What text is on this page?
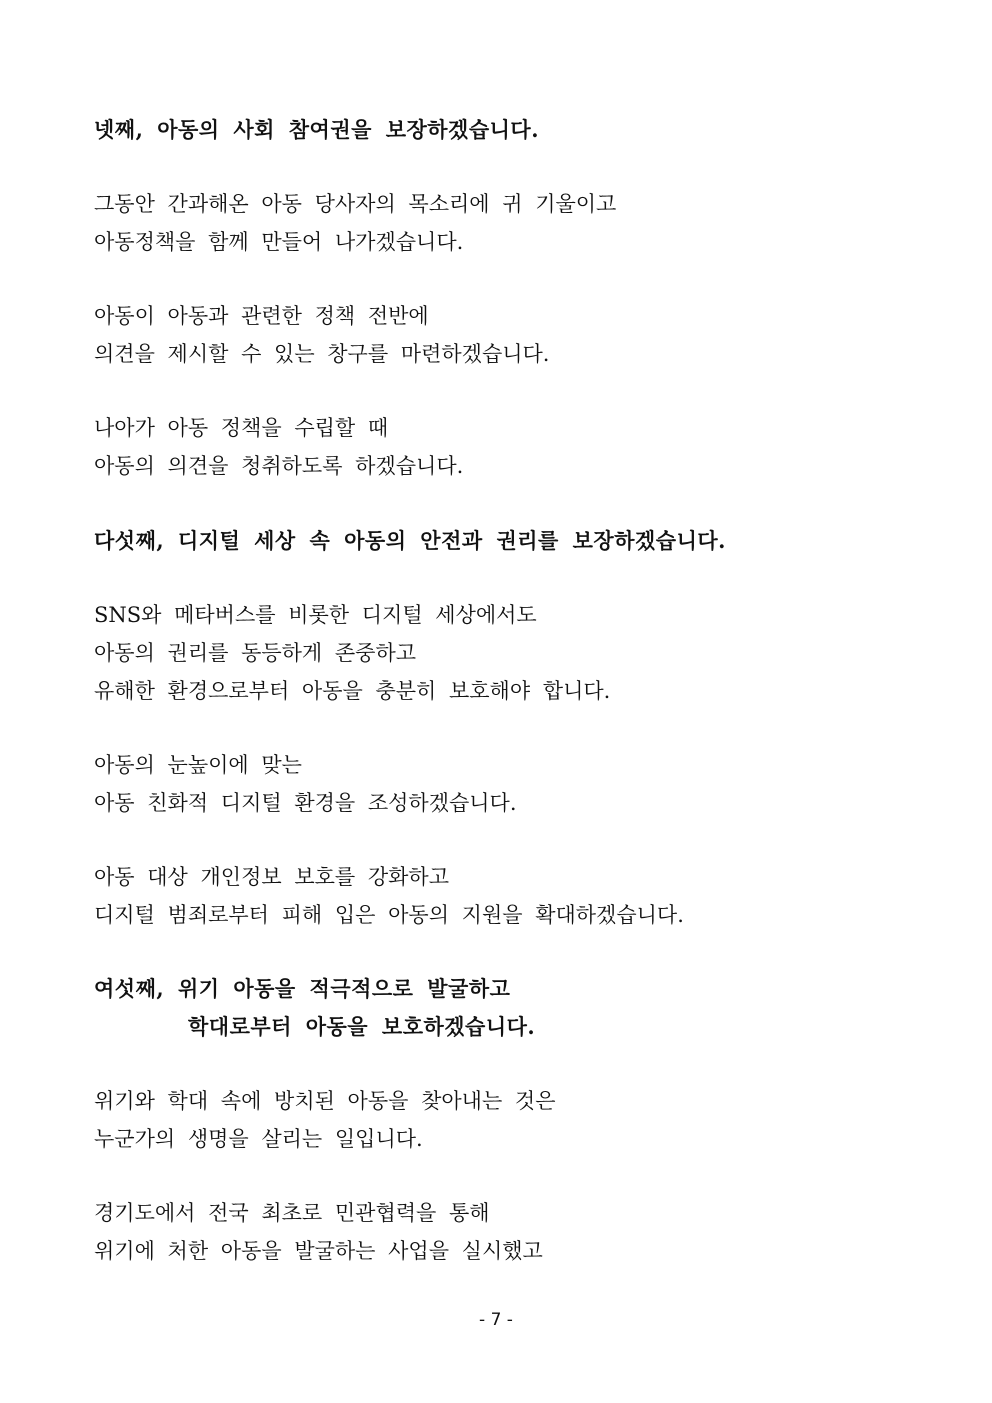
넷째, 아동의 사회 참여권을 보장하겠습니다.
그동안 간과해온 아동 당사자의 목소리에 귀 기울이고
아동정책을 함께 만들어 나가겠습니다.
아동이 아동과 관련한 정책 전반에
의견을 제시할 수 있는 창구를 마련하겠습니다.
나아가 아동 정책을 수립할 때
아동의 의견을 청취하도록 하겠습니다.
다섯째, 디지털 세상 속 아동의 안전과 권리를 보장하겠습니다.
SNS와 메타버스를 비롯한 디지털 세상에서도
아동의 권리를 동등하게 존중하고
유해한 환경으로부터 아동을 충분히 보호해야 합니다.
아동의 눈높이에 맞는
아동 친화적 디지털 환경을 조성하겠습니다.
아동 대상 개인정보 보호를 강화하고
디지털 범죄로부터 피해 입은 아동의 지원을 확대하겠습니다.
여섯째, 위기 아동을 적극적으로 발굴하고
학대로부터 아동을 보호하겠습니다.
위기와 학대 속에 방치된 아동을 찾아내는 것은
누군가의 생명을 살리는 일입니다.
경기도에서 전국 최초로 민관협력을 통해
위기에 처한 아동을 발굴하는 사업을 실시했고
- 7 -
